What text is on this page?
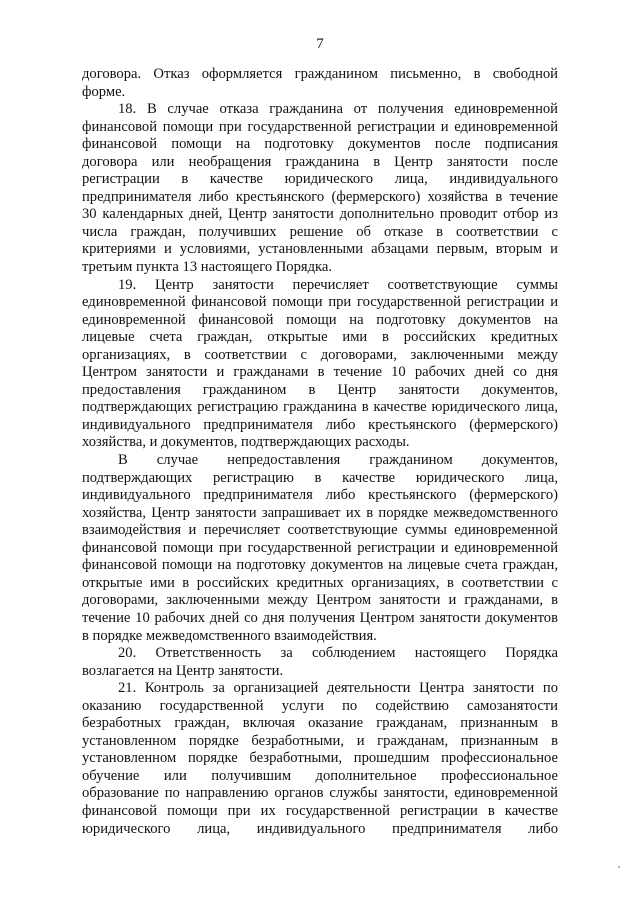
7

договора. Отказ оформляется гражданином письменно, в свободной
форме.

18. В случае отказа гражданина от получения единовременной
финансовой помощи при государственной регистрации и единовременной
финансовой помощи на подготовку документов после подписания
договора или необращения гражданина в Центр занятости после
регистрации в качестве юридического лица, индивидуального
предпринимателя либо крестьянского (фермерского) хозяйства в течение
30 календарных дней, Центр занятости дополнительно проводит отбор из
числа граждан, получивших решение об отказе в соответствии с
критериями и условиями, установленными абзацами первым, вторым и
третьим пункта 13 настоящего Порядка.

19. Центр занятости перечисляет соответствующие суммы
единовременной финансовой помощи при государственной регистрации и
единовременной финансовой помощи на подготовку документов на
лицевые счета граждан, открытые ими в российских кредитных
организациях, в соответствии с договорами, заключенными между
Центром занятости и гражданами в течение 10 рабочих дней со дня
предоставления гражданином в Центр занятости документов,
подтверждающих регистрацию гражданина в качестве юридического лица,
индивидуального предпринимателя либо крестьянского (фермерского)
хозяйства, и документов, подтверждающих расходы.

В случае непредоставления гражданином документов,
подтверждающих регистрацию в качестве юридического лица,
индивидуального предпринимателя либо крестьянского (фермерского)
хозяйства, Центр занятости запрашивает их в порядке межведомственного
взаимодействия и перечисляет соответствующие суммы единовременной
финансовой помощи при государственной регистрации и единовременной
финансовой помощи на подготовку документов на лицевые счета граждан,
открытые ими в российских кредитных организациях, в соответствии с
договорами, заключенными между Центром занятости и гражданами, в
течение 10 рабочих дней со дня получения Центром занятости документов
в порядке межведомственного взаимодействия.

20. Ответственность за соблюдением настоящего Порядка
возлагается на Центр занятости.

21. Контроль за организацией деятельности Центра занятости по
оказанию государственной услуги по содействию самозанятости
безработных граждан, включая оказание гражданам, признанным в
установленном порядке безработными, и гражданам, признанным в
установленном порядке безработными, прошедшим профессиональное
обучение или получившим дополнительное профессиональное
образование по направлению органов службы занятости, единовременной
финансовой помощи при их государственной регистрации в качестве
юридического лица, индивидуального предпринимателя либо
